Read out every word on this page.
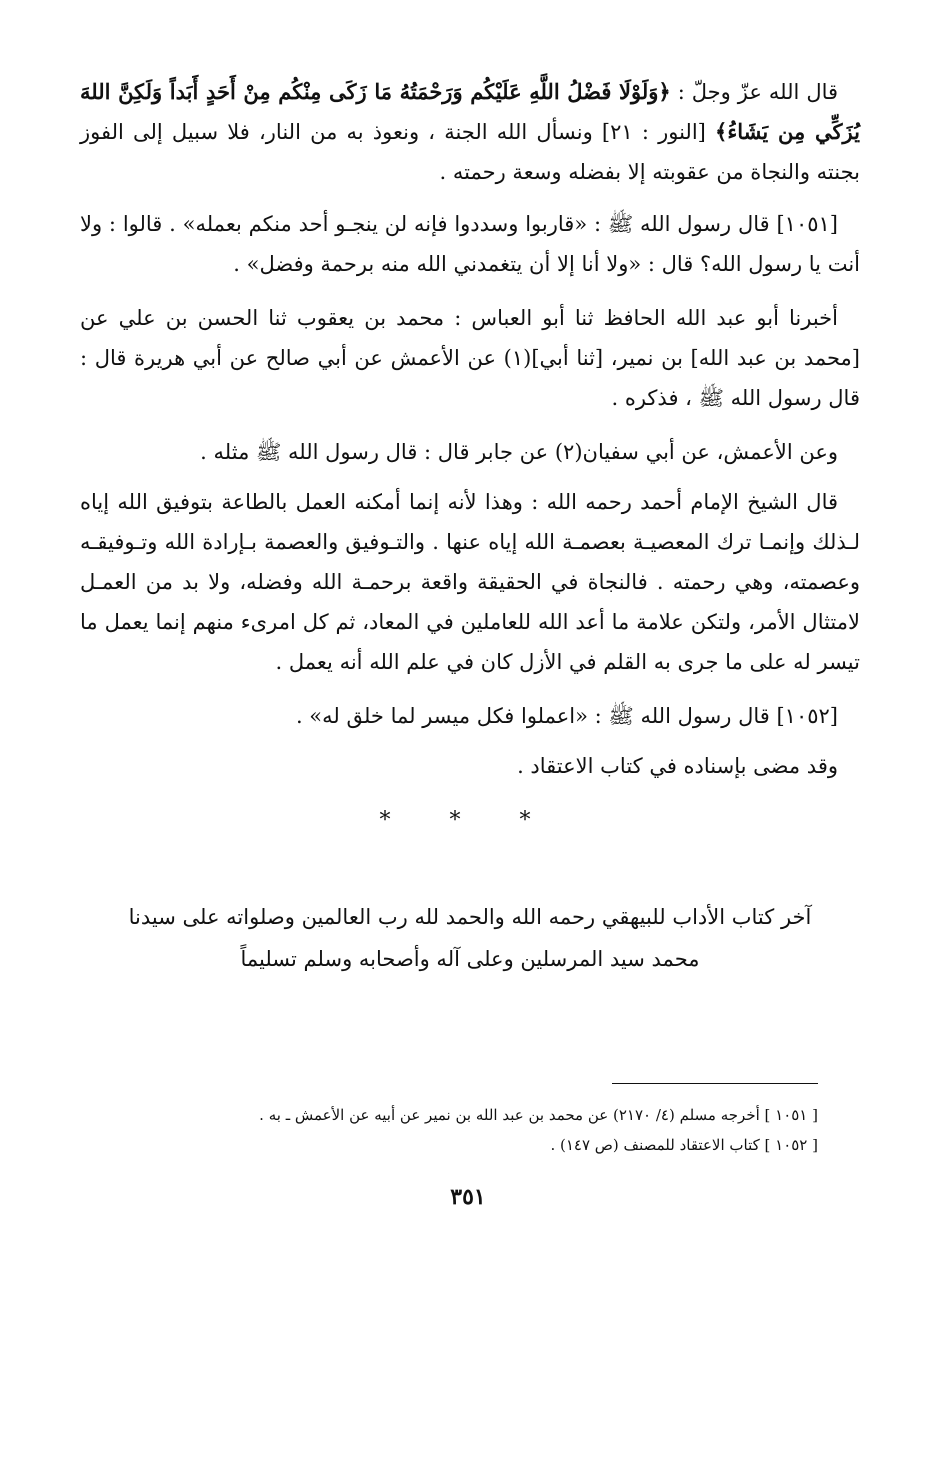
قال الله عزّ وجلّ : ﴿وَلَوْلَا فَضْلُ اللَّهِ عَلَيْكُم وَرَحْمَتُهُ مَا زَكَى مِنْكُم مِنْ أَحَدٍ أَبَداً وَلَكِنَّ اللهَ يُزَكِّي مِن يَشَاءُ﴾ [النور : ٢١] ونسأل الله الجنة ، ونعوذ به من النار، فلا سبيل إلى الفوز بجنته والنجاة من عقوبته إلا بفضله وسعة رحمته .

[١٠٥١] قال رسول الله ﷺ : «قاربوا وسددوا فإنه لن ينجـو أحد منكم بعمله» . قالوا : ولا أنت يا رسول الله؟ قال : «ولا أنا إلا أن يتغمدني الله منه برحمة وفضل» .

أخبرنا أبو عبد الله الحافظ ثنا أبو العباس : محمد بن يعقوب ثنا الحسن بن علي عن [محمد بن عبد الله] بن نمير، [ثنا أبي](١) عن الأعمش عن أبي صالح عن أبي هريرة قال : قال رسول الله ﷺ ، فذكره .

وعن الأعمش، عن أبي سفيان(٢) عن جابر قال : قال رسول الله ﷺ مثله .

قال الشيخ الإمام أحمد رحمه الله : وهذا لأنه إنما أمكنه العمل بالطاعة بتوفيق الله إياه لـذلك وإنمـا ترك المعصيـة بعصمـة الله إياه عنها . والتـوفيق والعصمة بـإرادة الله وتـوفيقـه وعصمته، وهي رحمته . فالنجاة في الحقيقة واقعة برحمـة الله وفضله، ولا بد من العمـل لامتثال الأمر، ولتكن علامة ما أعد الله للعاملين في المعاد، ثم كل امرىء منهم إنما يعمل ما تيسر له على ما جرى به القلم في الأزل كان في علم الله أنه يعمل .

[١٠٥٢] قال رسول الله ﷺ : «اعملوا فكل ميسر لما خلق له» .

وقد مضى بإسناده في كتاب الاعتقاد .

* * *

آخر كتاب الأداب للبيهقي رحمه الله والحمد لله رب العالمين وصلواته على سيدنا

محمد سيد المرسلين وعلى آله وأصحابه وسلم تسليماً

[ ١٠٥١ ] أخرجه مسلم (٤/ ٢١٧٠) عن محمد بن عبد الله بن نمير عن أبيه عن الأعمش ـ به .

[ ١٠٥٢ ] كتاب الاعتقاد للمصنف (ص ١٤٧) .

٣٥١
